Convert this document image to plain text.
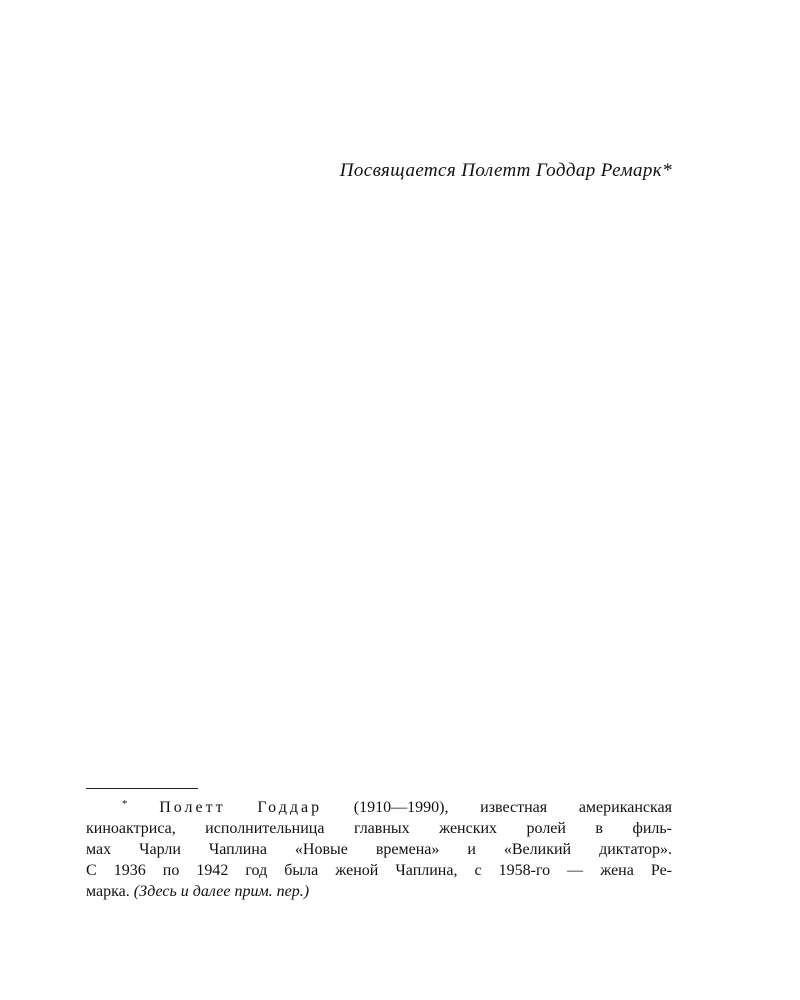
Посвящается Полетт Годдар Ремарк*
* Полетт Годдар (1910—1990), известная американская
киноактриса, исполнительница главных женских ролей в филь-
мах Чарли Чаплина «Новые времена» и «Великий диктатор».
С 1936 по 1942 год была женой Чаплина, с 1958-го — жена Ре-
марка. (Здесь и далее прим. пер.)
